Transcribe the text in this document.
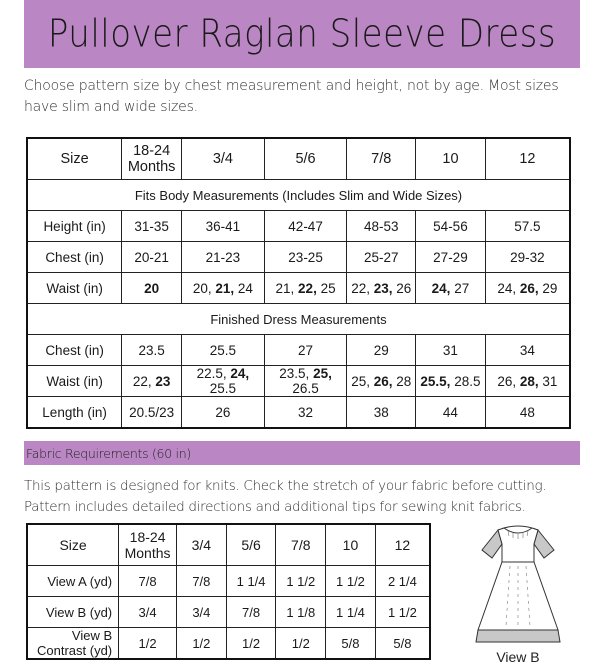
Pullover Raglan Sleeve Dress
Choose pattern size by chest measurement and height, not by age. Most sizes have slim and wide sizes.
Size	18-24 Months	3/4	5/6	7/8	10	12
Fits Body Measurements (Includes Slim and Wide Sizes)						
Height (in)	31-35	36-41	42-47	48-53	54-56	57.5
Chest (in)	20-21	21-23	23-25	25-27	27-29	29-32
Waist (in)	20	20, 21, 24	21, 22, 25	22, 23, 26	24, 27	24, 26, 29
Finished Dress Measurements						
Chest (in)	23.5	25.5	27	29	31	34
Waist (in)	22, 23	22.5, 24, 25.5	23.5, 25, 26.5	25, 26, 28	25.5, 28.5	26, 28, 31
Length (in)	20.5/23	26	32	38	44	48
Fabric Requirements (60 in)
This pattern is designed for knits. Check the stretch of your fabric before cutting. Pattern includes detailed directions and additional tips for sewing knit fabrics.
Size	18-24 Months	3/4	5/6	7/8	10	12
View A (yd)	7/8	7/8	1 1/4	1 1/2	1 1/2	2 1/4
View B (yd)	3/4	3/4	7/8	1 1/8	1 1/4	1 1/2
View B Contrast (yd)	1/2	1/2	1/2	1/2	5/8	5/8
View B
